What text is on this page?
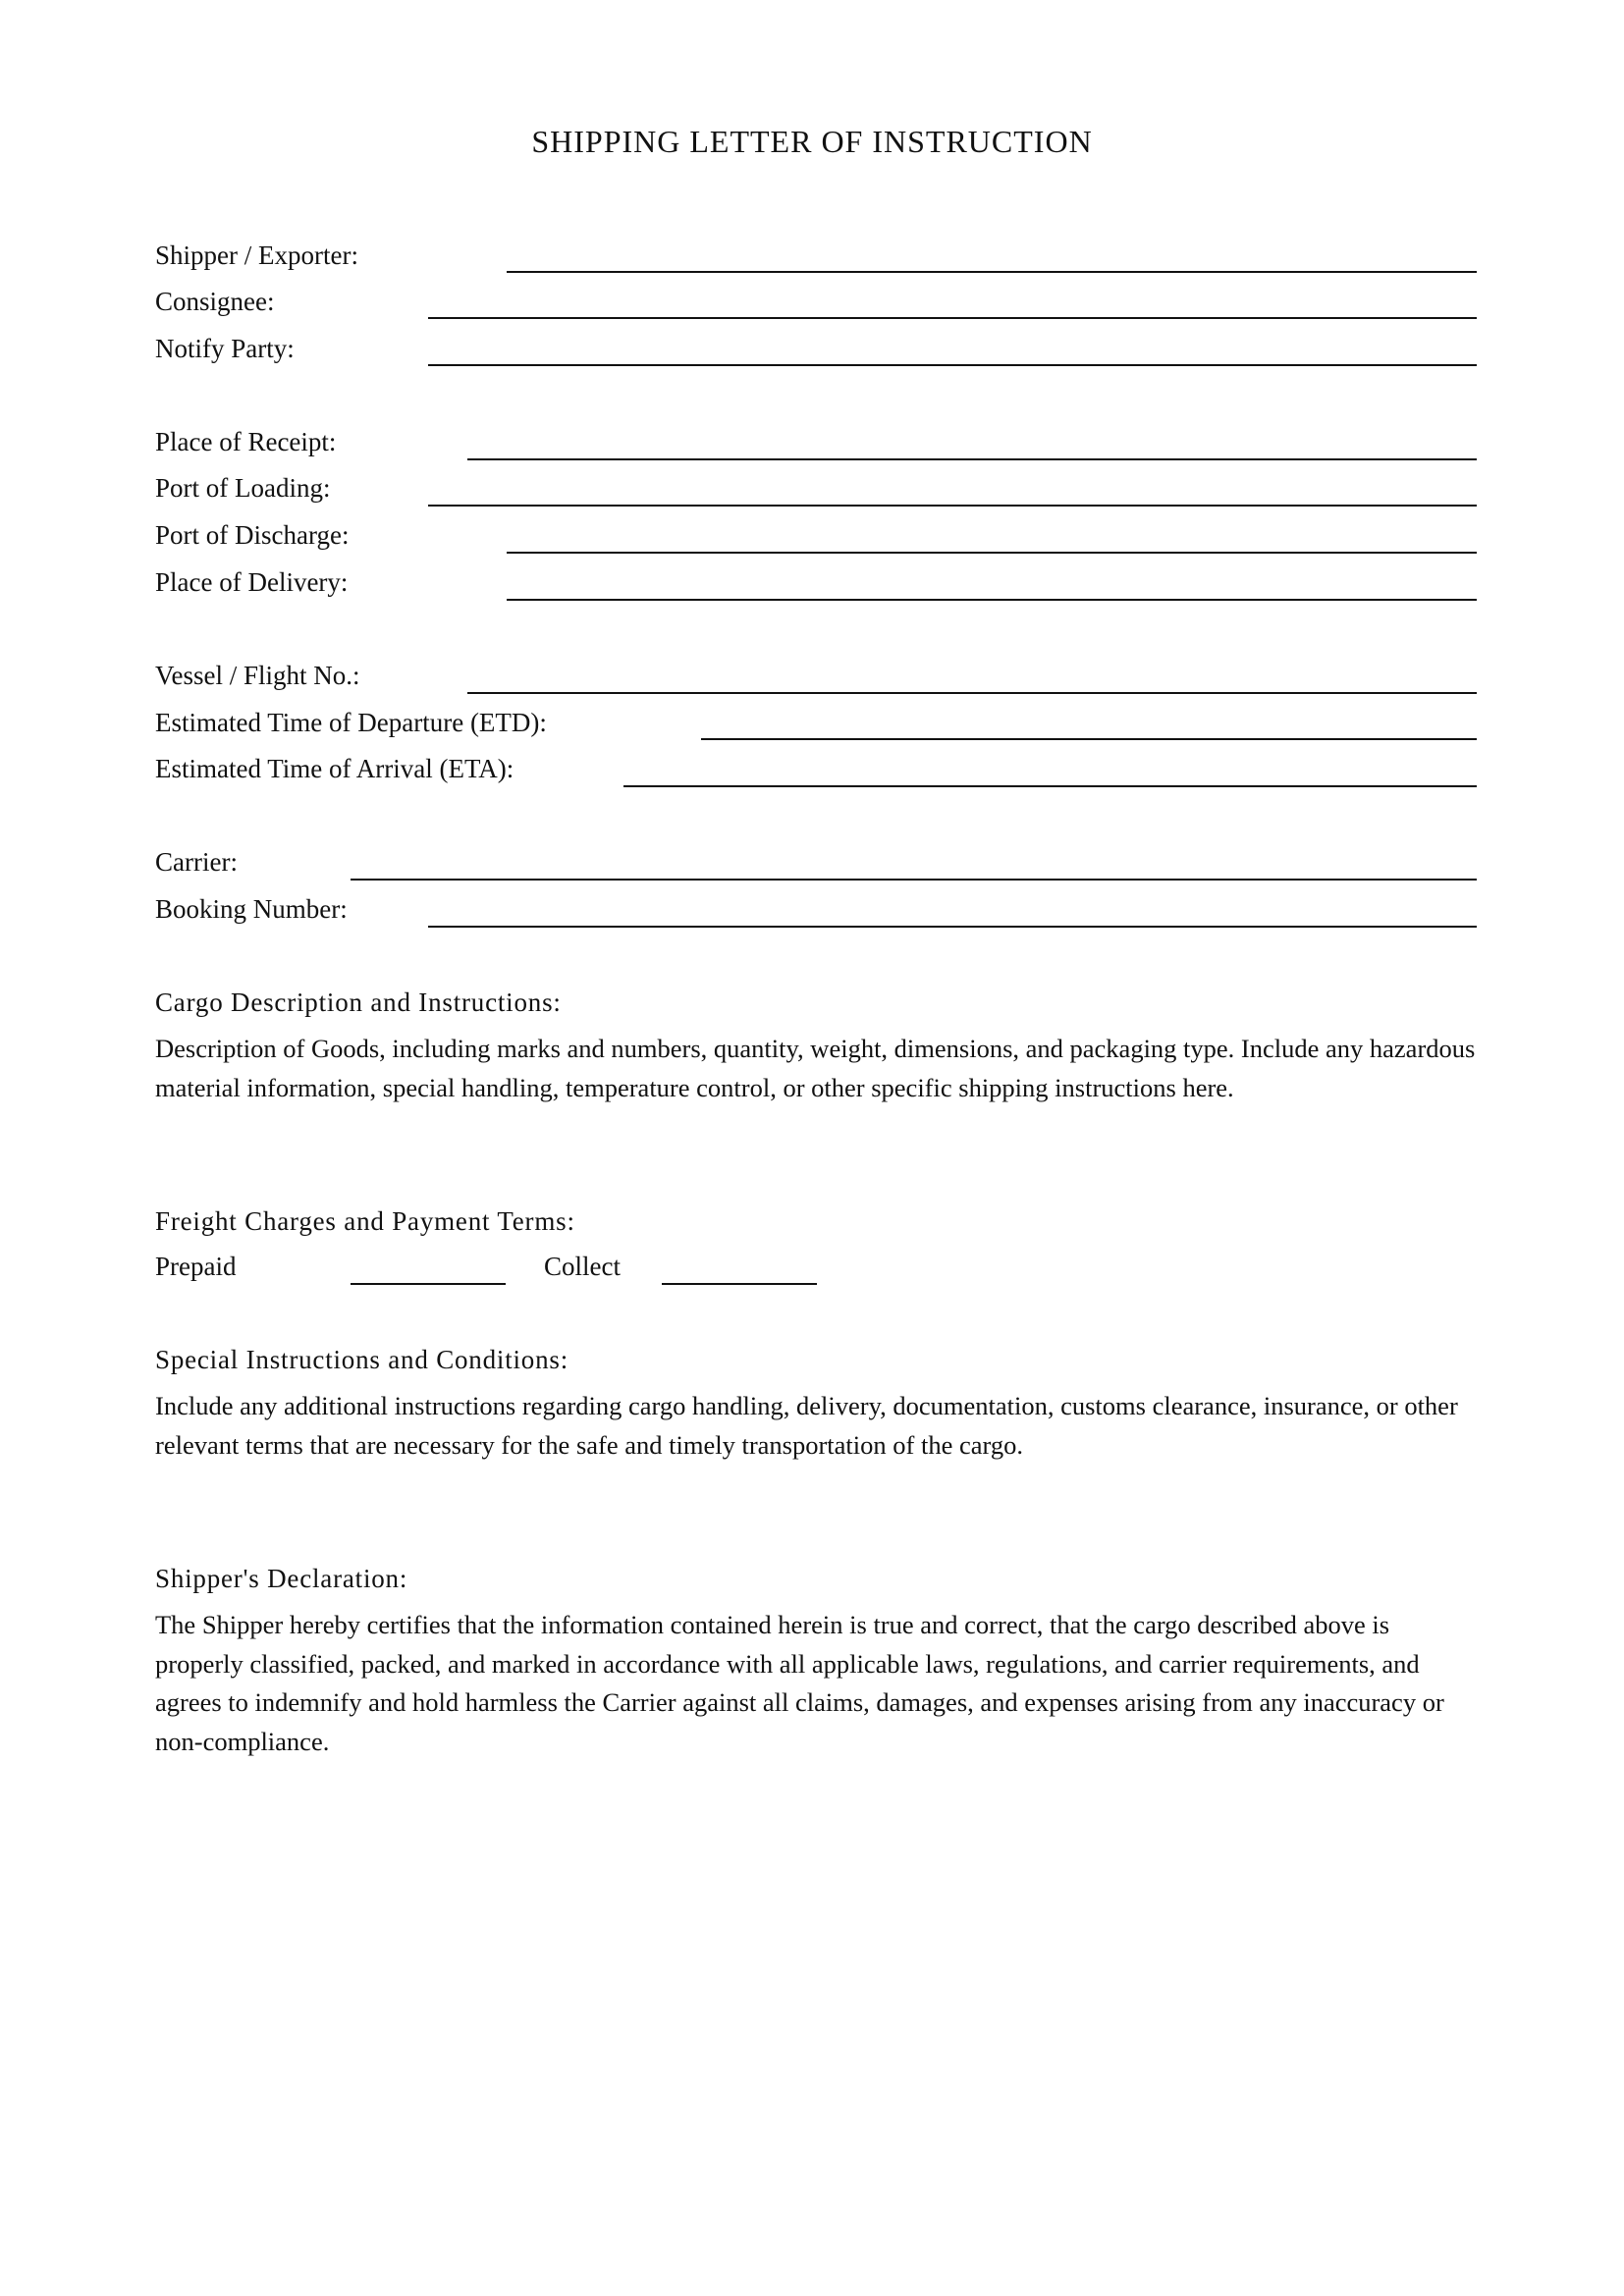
SHIPPING LETTER OF INSTRUCTION
Shipper / Exporter:
Consignee:
Notify Party:
Place of Receipt:
Port of Loading:
Port of Discharge:
Place of Delivery:
Vessel / Flight No.:
Estimated Time of Departure (ETD):
Estimated Time of Arrival (ETA):
Carrier:
Booking Number:
Cargo Description and Instructions:
Description of Goods, including marks and numbers, quantity, weight, dimensions, and packaging type. Include any hazardous material information, special handling, temperature control, or other specific shipping instructions here.
Freight Charges and Payment Terms:
Prepaid	Collect
Special Instructions and Conditions:
Include any additional instructions regarding cargo handling, delivery, documentation, customs clearance, insurance, or other relevant terms that are necessary for the safe and timely transportation of the cargo.
Shipper's Declaration:
The Shipper hereby certifies that the information contained herein is true and correct, that the cargo described above is properly classified, packed, and marked in accordance with all applicable laws, regulations, and carrier requirements, and agrees to indemnify and hold harmless the Carrier against all claims, damages, and expenses arising from any inaccuracy or non-compliance.
